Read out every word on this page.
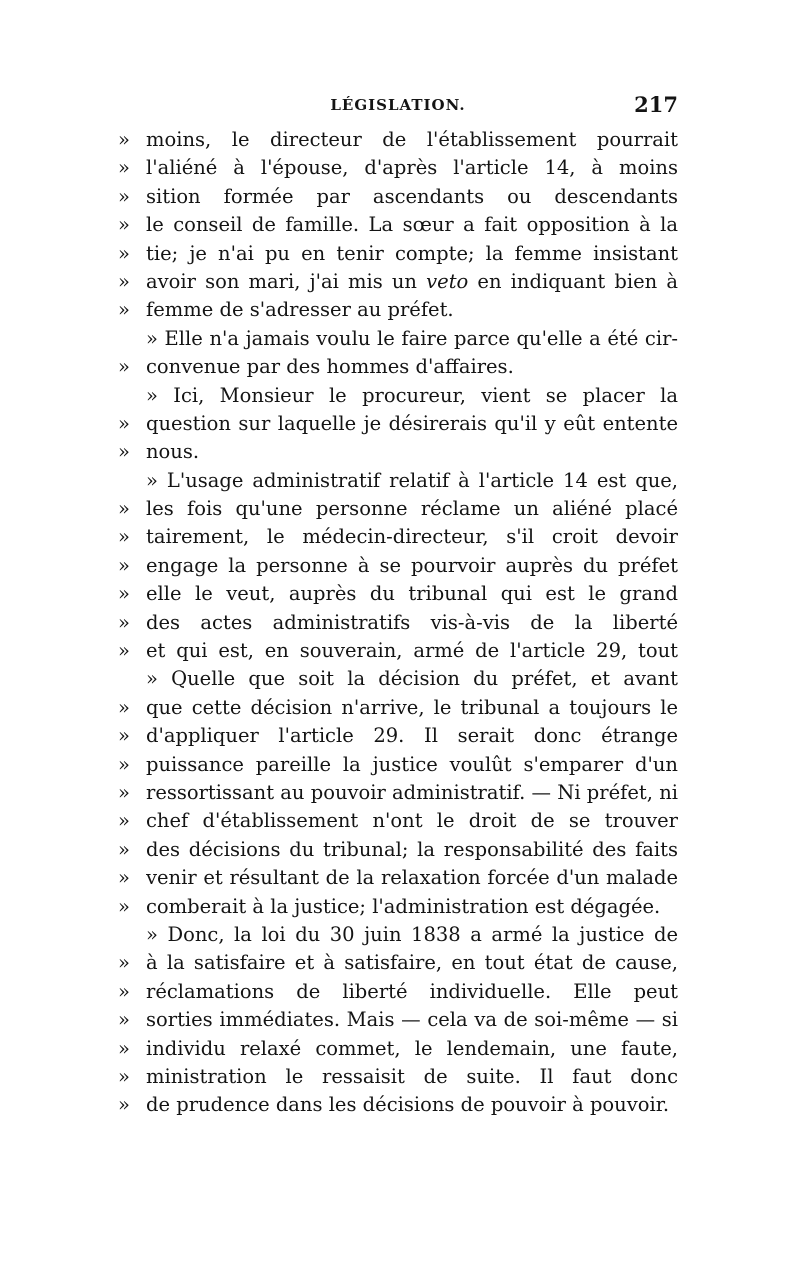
LÉGISLATION.	217
» moins, le directeur de l'établissement pourrait
» l'aliéné à l'épouse, d'après l'article 14, à moins
» sition formée par ascendants ou descendants
» le conseil de famille. La sœur a fait opposition à la
» tie; je n'ai pu en tenir compte; la femme insistant
» avoir son mari, j'ai mis un veto en indiquant bien à
» femme de s'adresser au préfet.
» Elle n'a jamais voulu le faire parce qu'elle a été cir-
» convenue par des hommes d'affaires.
» Ici, Monsieur le procureur, vient se placer la
» question sur laquelle je désirerais qu'il y eût entente
» nous.
» L'usage administratif relatif à l'article 14 est que,
» les fois qu'une personne réclame un aliéné placé
» tairement, le médecin-directeur, s'il croit devoir
» engage la personne à se pourvoir auprès du préfet
» elle le veut, auprès du tribunal qui est le grand
» des actes administratifs vis-à-vis de la liberté
» et qui est, en souverain, armé de l'article 29, tout
» Quelle que soit la décision du préfet, et avant
» que cette décision n'arrive, le tribunal a toujours le
» d'appliquer l'article 29. Il serait donc étrange
» puissance pareille la justice voulût s'emparer d'un
» ressortissant au pouvoir administratif. — Ni préfet, ni
» chef d'établissement n'ont le droit de se trouver
» des décisions du tribunal; la responsabilité des faits
» venir et résultant de la relaxation forcée d'un malade
» comberait à la justice; l'administration est dégagée.
» Donc, la loi du 30 juin 1838 a armé la justice de
» à la satisfaire et à satisfaire, en tout état de cause,
» réclamations de liberté individuelle. Elle peut
» sorties immédiates. Mais — cela va de soi-même — si
» individu relaxé commet, le lendemain, une faute,
» ministration le ressaisit de suite. Il faut donc
» de prudence dans les décisions de pouvoir à pouvoir.
